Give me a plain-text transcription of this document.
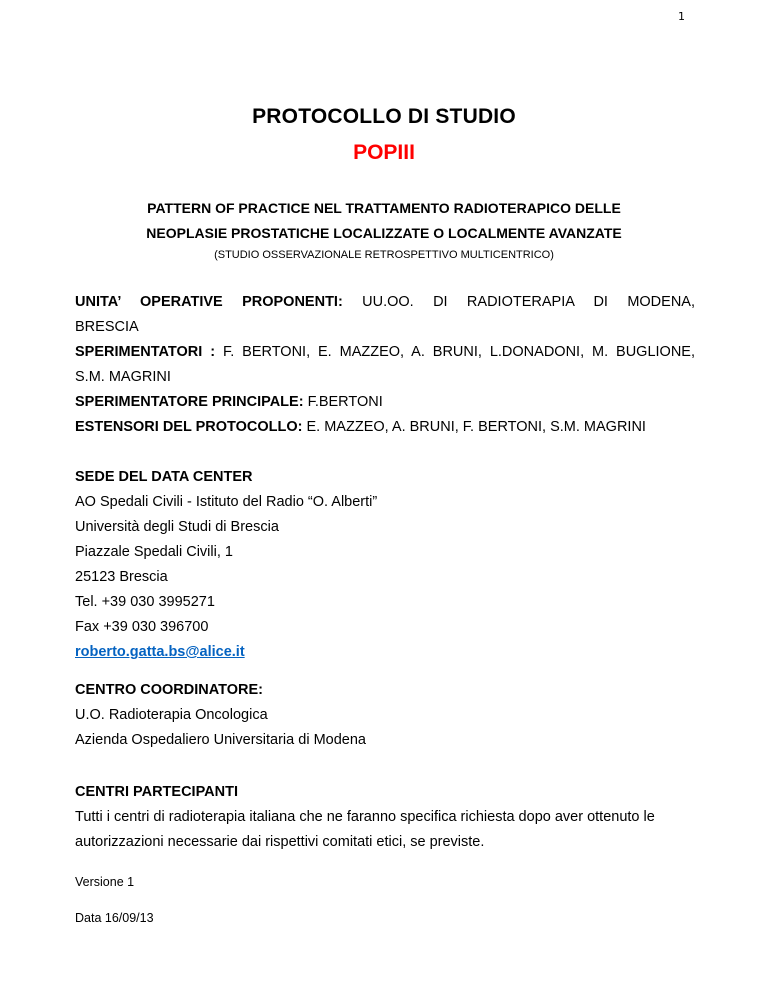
1
PROTOCOLLO DI STUDIO
POPIII
PATTERN OF PRACTICE NEL TRATTAMENTO RADIOTERAPICO DELLE
NEOPLASIE PROSTATICHE LOCALIZZATE O LOCALMENTE AVANZATE
(STUDIO OSSERVAZIONALE RETROSPETTIVO MULTICENTRICO)
UNITA’ OPERATIVE PROPONENTI: UU.OO. DI RADIOTERAPIA DI MODENA,
BRESCIA
SPERIMENTATORI : F. BERTONI, E. MAZZEO, A. BRUNI, L.DONADONI, M. BUGLIONE,
S.M. MAGRINI
SPERIMENTATORE PRINCIPALE: F.BERTONI
ESTENSORI DEL PROTOCOLLO: E. MAZZEO, A. BRUNI, F. BERTONI, S.M. MAGRINI
SEDE DEL DATA CENTER
AO Spedali Civili - Istituto del Radio “O. Alberti”
Università degli Studi di Brescia
Piazzale Spedali Civili, 1
25123 Brescia
Tel. +39 030 3995271
Fax +39 030 396700
roberto.gatta.bs@alice.it
CENTRO COORDINATORE:
U.O. Radioterapia Oncologica
Azienda Ospedaliero Universitaria di Modena
CENTRI PARTECIPANTI
Tutti i centri di radioterapia italiana che ne faranno specifica richiesta dopo aver ottenuto le
autorizzazioni necessarie dai rispettivi comitati etici, se previste.
Versione 1
Data 16/09/13
